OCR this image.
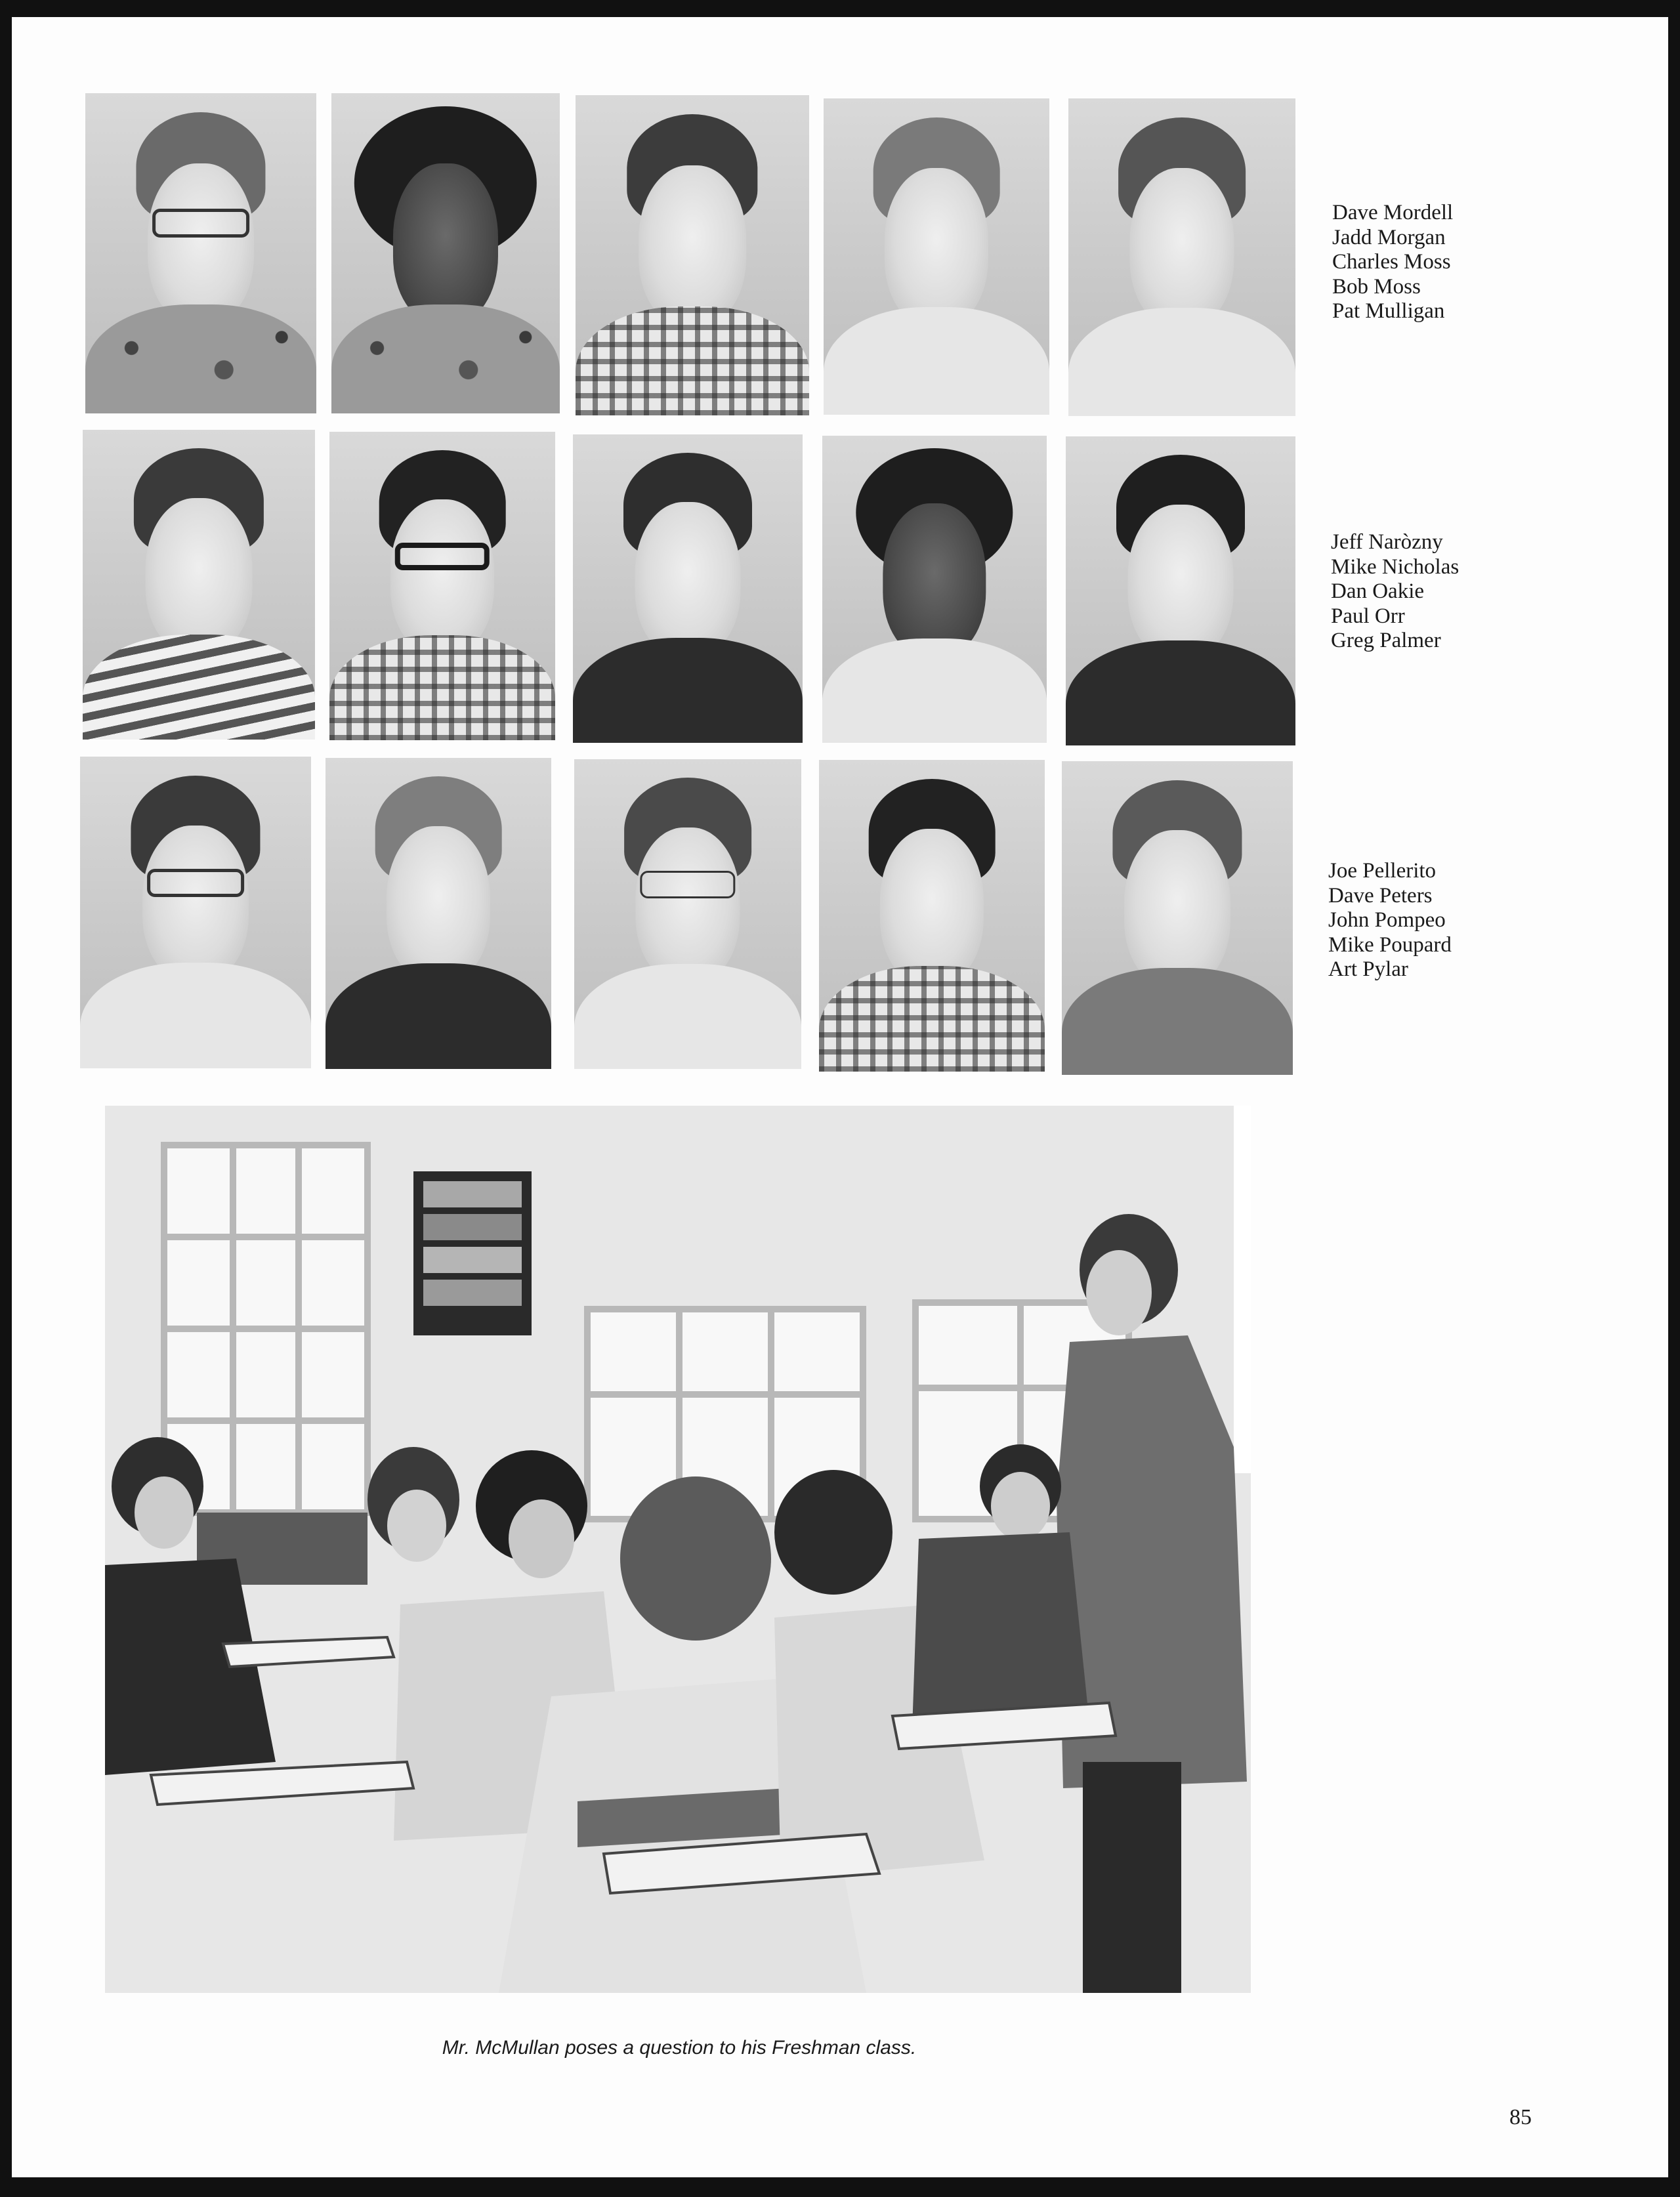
Dave Mordell
Jadd Morgan
Charles Moss
Bob Moss
Pat Mulligan
Jeff Naròzny
Mike Nicholas
Dan Oakie
Paul Orr
Greg Palmer
Joe Pellerito
Dave Peters
John Pompeo
Mike Poupard
Art Pylar
Mr. McMullan poses a question to his Freshman class.
85
